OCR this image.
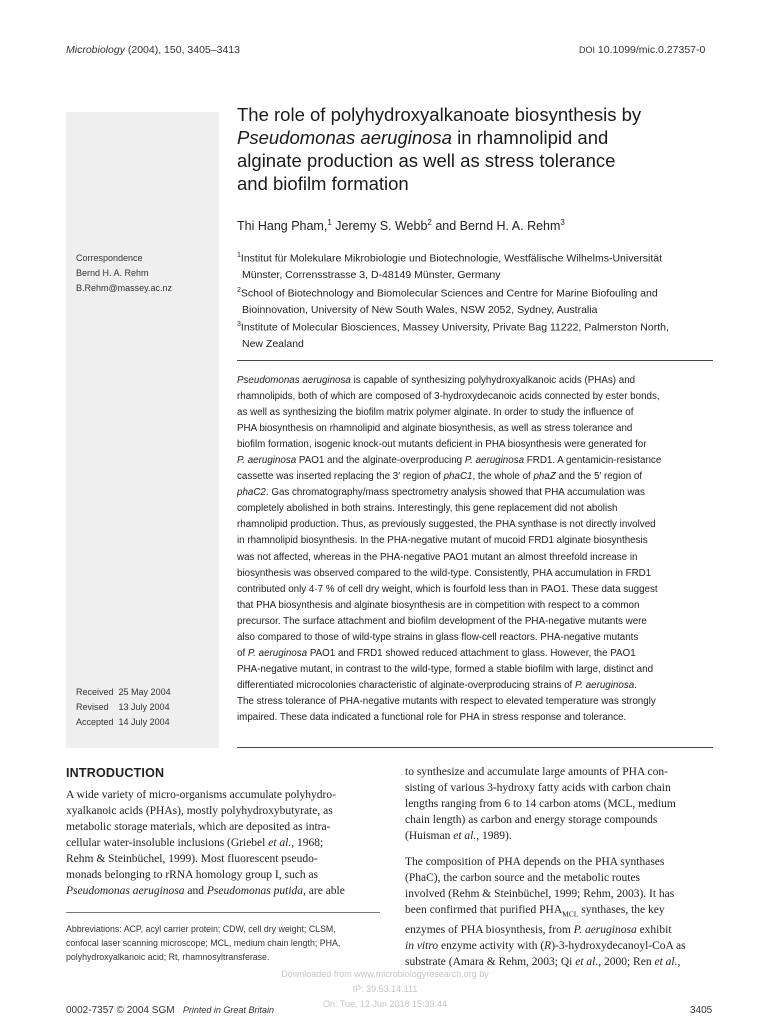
Microbiology (2004), 150, 3405–3413	DOI 10.1099/mic.0.27357-0
Correspondence
Bernd H. A. Rehm
B.Rehm@massey.ac.nz
Received 25 May 2004
Revised 13 July 2004
Accepted 14 July 2004
The role of polyhydroxyalkanoate biosynthesis by
Pseudomonas aeruginosa in rhamnolipid and
alginate production as well as stress tolerance
and biofilm formation
Thi Hang Pham,$^1$ Jeremy S. Webb$^2$ and Bernd H. A. Rehm$^3$
$^1$Institut für Molekulare Mikrobiologie und Biotechnologie, Westfälische Wilhelms-Universität
Münster, Corrensstrasse 3, D-48149 Münster, Germany
$^2$School of Biotechnology and Biomolecular Sciences and Centre for Marine Biofouling and
Bioinnovation, University of New South Wales, NSW 2052, Sydney, Australia
$^3$Institute of Molecular Biosciences, Massey University, Private Bag 11222, Palmerston North,
New Zealand
Pseudomonas aeruginosa is capable of synthesizing polyhydroxyalkanoic acids (PHAs) and
rhamnolipids, both of which are composed of 3-hydroxydecanoic acids connected by ester bonds,
as well as synthesizing the biofilm matrix polymer alginate. In order to study the influence of
PHA biosynthesis on rhamnolipid and alginate biosynthesis, as well as stress tolerance and
biofilm formation, isogenic knock-out mutants deficient in PHA biosynthesis were generated for
P. aeruginosa PAO1 and the alginate-overproducing P. aeruginosa FRD1. A gentamicin-resistance
cassette was inserted replacing the 3′ region of phaC1, the whole of phaZ and the 5′ region of
phaC2. Gas chromatography/mass spectrometry analysis showed that PHA accumulation was
completely abolished in both strains. Interestingly, this gene replacement did not abolish
rhamnolipid production. Thus, as previously suggested, the PHA synthase is not directly involved
in rhamnolipid biosynthesis. In the PHA-negative mutant of mucoid FRD1 alginate biosynthesis
was not affected, whereas in the PHA-negative PAO1 mutant an almost threefold increase in
biosynthesis was observed compared to the wild-type. Consistently, PHA accumulation in FRD1
contributed only 4·7 % of cell dry weight, which is fourfold less than in PAO1. These data suggest
that PHA biosynthesis and alginate biosynthesis are in competition with respect to a common
precursor. The surface attachment and biofilm development of the PHA-negative mutants were
also compared to those of wild-type strains in glass flow-cell reactors. PHA-negative mutants
of P. aeruginosa PAO1 and FRD1 showed reduced attachment to glass. However, the PAO1
PHA-negative mutant, in contrast to the wild-type, formed a stable biofilm with large, distinct and
differentiated microcolonies characteristic of alginate-overproducing strains of P. aeruginosa.
The stress tolerance of PHA-negative mutants with respect to elevated temperature was strongly
impaired. These data indicated a functional role for PHA in stress response and tolerance.
INTRODUCTION
A wide variety of micro-organisms accumulate polyhydro-
xyalkanoic acids (PHAs), mostly polyhydroxybutyrate, as
metabolic storage materials, which are deposited as intra-
cellular water-insoluble inclusions (Griebel et al., 1968;
Rehm & Steinbüchel, 1999). Most fluorescent pseudo-
monads belonging to rRNA homology group I, such as
Pseudomonas aeruginosa and Pseudomonas putida, are able
Abbreviations: ACP, acyl carrier protein; CDW, cell dry weight; CLSM,
confocal laser scanning microscope; MCL, medium chain length; PHA,
polyhydroxyalkanoic acid; Rt, rhamnosyltransferase.
to synthesize and accumulate large amounts of PHA con-
sisting of various 3-hydroxy fatty acids with carbon chain
lengths ranging from 6 to 14 carbon atoms (MCL, medium
chain length) as carbon and energy storage compounds
(Huisman et al., 1989).
The composition of PHA depends on the PHA synthases
(PhaC), the carbon source and the metabolic routes
involved (Rehm & Steinbüchel, 1999; Rehm, 2003). It has
been confirmed that purified $PHA_{MCL}$ synthases, the key
enzymes of PHA biosynthesis, from P. aeruginosa exhibit
in vitro enzyme activity with (R)-3-hydroxydecanoyl-CoA as
substrate (Amara & Rehm, 2003; Qi et al., 2000; Ren et al.,
Downloaded from www.microbiologyresearch.org by
IP: 39.53.14.111
On: Tue, 12 Jun 2018 15:39:44
0002-7357 © 2004 SGM Printed in Great Britain	3405
